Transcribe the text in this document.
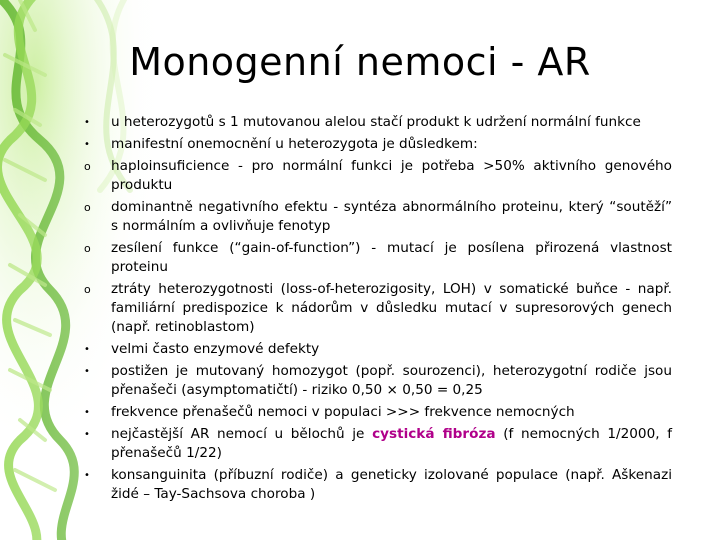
Monogenní nemoci - AR
•	u heterozygotů s 1 mutovanou alelou stačí produkt k udržení normální funkce
•	manifestní onemocnění u heterozygota je důsledkem:
o	haploinsuficience - pro normální funkci je potřeba >50% aktivního genového produktu
o	dominantně negativního efektu - syntéza abnormálního proteinu, který “soutěží” s normálním a ovlivňuje fenotyp
o	zesílení funkce (“gain-of-function”) - mutací je posílena přirozená vlastnost proteinu
o	ztráty heterozygotnosti (loss-of-heterozigosity, LOH) v somatické buňce - např. familiární predispozice k nádorům v důsledku mutací v supresorových genech (např. retinoblastom)
•	velmi často enzymové defekty
•	postižen je mutovaný homozygot (popř. sourozenci), heterozygotní rodiče jsou přenašeči (asymptomatičtí) - riziko 0,50 × 0,50 = 0,25
•	frekvence přenašečů nemoci v populaci >>> frekvence nemocných
•	nejčastější AR nemocí u bělochů je cystická fibróza (f nemocných 1/2000, f přenašečů 1/22)
•	konsanguinita (příbuzní rodiče) a geneticky izolované populace (např. Aškenazi židé – Tay-Sachsova choroba )
